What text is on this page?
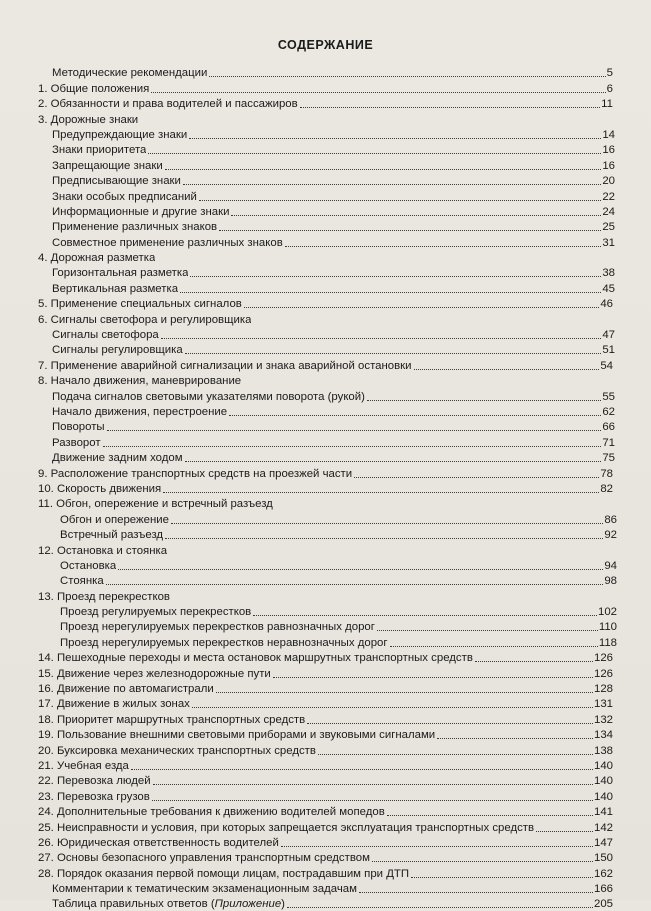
СОДЕРЖАНИЕ
Методические рекомендации	5
1. Общие положения	6
2. Обязанности и права водителей и пассажиров	11
3. Дорожные знаки
Предупреждающие знаки	14
Знаки приоритета	16
Запрещающие знаки	16
Предписывающие знаки	20
Знаки особых предписаний	22
Информационные и другие знаки	24
Применение различных знаков	25
Совместное применение различных знаков	31
4. Дорожная разметка
Горизонтальная разметка	38
Вертикальная разметка	45
5. Применение специальных сигналов	46
6. Сигналы светофора и регулировщика
Сигналы светофора	47
Сигналы регулировщика	51
7. Применение аварийной сигнализации и знака аварийной остановки	54
8. Начало движения, маневрирование
Подача сигналов световыми указателями поворота (рукой)	55
Начало движения, перестроение	62
Повороты	66
Разворот	71
Движение задним ходом	75
9. Расположение транспортных средств на проезжей части	78
10. Скорость движения	82
11. Обгон, опережение и встречный разъезд
Обгон и опережение	86
Встречный разъезд	92
12. Остановка и стоянка
Остановка	94
Стоянка	98
13. Проезд перекрестков
Проезд регулируемых перекрестков	102
Проезд нерегулируемых перекрестков равнозначных дорог	110
Проезд нерегулируемых перекрестков неравнозначных дорог	118
14. Пешеходные переходы и места остановок маршрутных транспортных средств	126
15. Движение через железнодорожные пути	126
16. Движение по автомагистрали	128
17. Движение в жилых зонах	131
18. Приоритет маршрутных транспортных средств	132
19. Пользование внешними световыми приборами и звуковыми сигналами	134
20. Буксировка механических транспортных средств	138
21. Учебная езда	140
22. Перевозка людей	140
23. Перевозка грузов	140
24. Дополнительные требования к движению водителей мопедов	141
25. Неисправности и условия, при которых запрещается эксплуатация транспортных средств	142
26. Юридическая ответственность водителей	147
27. Основы безопасного управления транспортным средством	150
28. Порядок оказания первой помощи лицам, пострадавшим при ДТП	162
Комментарии к тематическим экзаменационным задачам	166
Таблица правильных ответов (Приложение)	205
